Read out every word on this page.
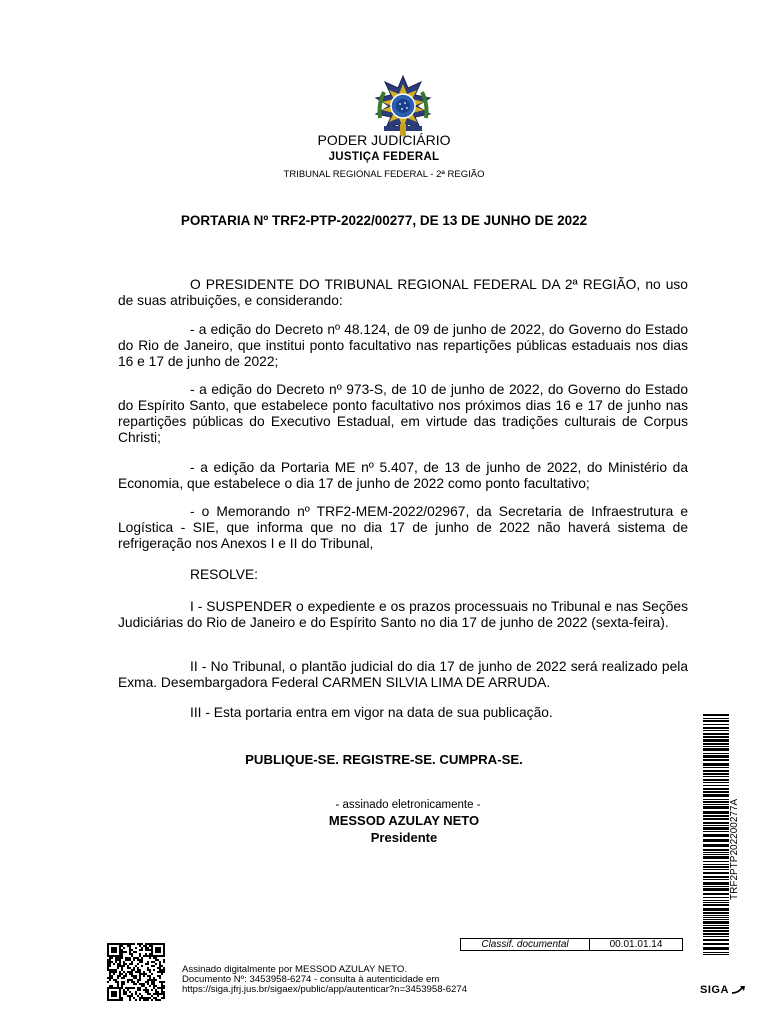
PODER JUDICIÁRIO
JUSTIÇA FEDERAL
TRIBUNAL REGIONAL FEDERAL - 2ª REGIÃO
PORTARIA Nº TRF2-PTP-2022/00277, DE 13 DE JUNHO DE 2022

O PRESIDENTE DO TRIBUNAL REGIONAL FEDERAL DA 2ª REGIÃO, no uso de suas atribuições, e considerando:

- a edição do Decreto nº 48.124, de 09 de junho de 2022, do Governo do Estado do Rio de Janeiro, que institui ponto facultativo nas repartições públicas estaduais nos dias 16 e 17 de junho de 2022;

- a edição do Decreto nº 973-S, de 10 de junho de 2022, do Governo do Estado do Espírito Santo, que estabelece ponto facultativo nos próximos dias 16 e 17 de junho nas repartições públicas do Executivo Estadual, em virtude das tradições culturais de Corpus Christi;

- a edição da Portaria ME nº 5.407, de 13 de junho de 2022, do Ministério da Economia, que estabelece o dia 17 de junho de 2022 como ponto facultativo;

- o Memorando nº TRF2-MEM-2022/02967, da Secretaria de Infraestrutura e Logística - SIE, que informa que no dia 17 de junho de 2022 não haverá sistema de refrigeração nos Anexos I e II do Tribunal,

RESOLVE:

I - SUSPENDER o expediente e os prazos processuais no Tribunal e nas Seções Judiciárias do Rio de Janeiro e do Espírito Santo no dia 17 de junho de 2022 (sexta-feira).

II - No Tribunal, o plantão judicial do dia 17 de junho de 2022 será realizado pela Exma. Desembargadora Federal CARMEN SILVIA LIMA DE ARRUDA.

III - Esta portaria entra em vigor na data de sua publicação.

PUBLIQUE-SE. REGISTRE-SE. CUMPRA-SE.
- assinado eletronicamente -
MESSOD AZULAY NETO
Presidente	TRF2PTP202200277A
Classif. documental	00.01.01.14
Assinado digitalmente por MESSOD AZULAY NETO.
Documento Nº: 3453958-6274 - consulta à autenticidade em
https://siga.jfrj.jus.br/sigaex/public/app/autenticar?n=3453958-6274	SIGA
